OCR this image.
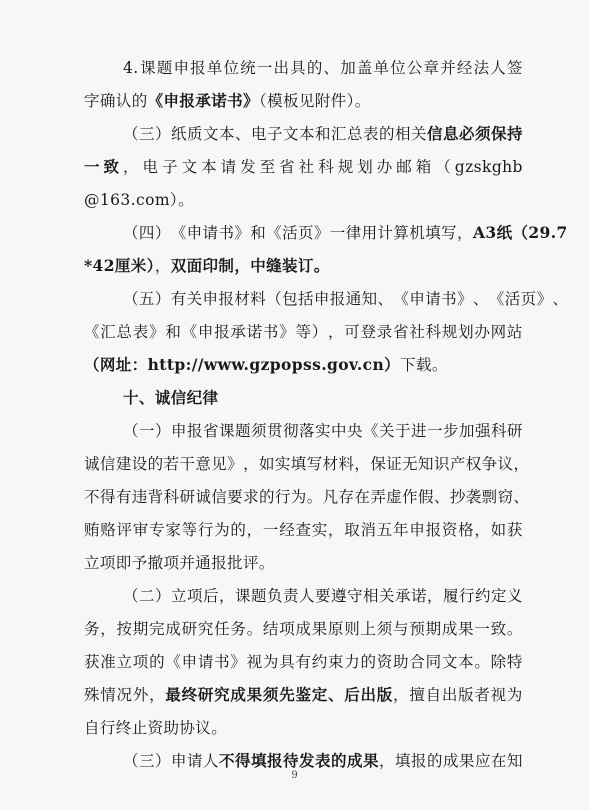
4. 课 题 申 报 单 位 统 一 出 具 的 、 加 盖 单 位 公 章 并 经 法 人 签
字确认的《申报承诺书》（模板见附件）。
（ 三 ） 纸 质 文 本 、 电 子 文 本 和 汇 总 表 的 相 关 信 息 必 须 保 持
一 致 ， 电 子 文 本 请 发 至 省 社 科 规 划 办 邮 箱 （ gzskghb
@163.com）。
（ 四 ） 《 申 请 书 》 和 《 活 页 》 一 律 用 计 算 机 填 写 ， A3 纸 （ 29.7
*42厘米），双面印制，中缝装订。
（ 五 ） 有 关 申 报 材 料 （ 包 括 申 报 通 知 、 《 申 请 书 》 、 《 活 页 》 、
《 汇 总 表 》 和 《 申 报 承 诺 书 》 等 ） ， 可 登 录 省 社 科 规 划 办 网 站
（网址：http://www.gzpopss.gov.cn）下载。
十、诚信纪律
（ 一 ） 申 报 省 课 题 须 贯 彻 落 实 中 央 《 关 于 进 一 步 加 强 科 研
诚 信 建 设 的 若 干 意 见 》 ， 如 实 填 写 材 料 ， 保 证 无 知 识 产 权 争 议 ，
不 得 有 违 背 科 研 诚 信 要 求 的 行 为 。 凡 存 在 弄 虚 作 假 、 抄 袭 剽 窃 、
贿 赂 评 审 专 家 等 行 为 的 ， 一 经 查 实 ， 取 消 五 年 申 报 资 格 ， 如 获
立项即予撤项并通报批评。
（ 二 ） 立 项 后 ， 课 题 负 责 人 要 遵 守 相 关 承 诺 ， 履 行 约 定 义
务 ， 按 期 完 成 研 究 任 务 。 结 项 成 果 原 则 上 须 与 预 期 成 果 一 致 。
获 准 立 项 的 《 申 请 书 》 视 为 具 有 约 束 力 的 资 助 合 同 文 本 。 除 特
殊 情 况 外 ， 最 终 研 究 成 果 须 先 鉴 定 、 后 出 版 ， 擅 自 出 版 者 视 为
自行终止资助协议。
（ 三 ） 申 请 人 不 得 填 报 待 发 表 的 成 果 ， 填 报 的 成 果 应 在 知
9
